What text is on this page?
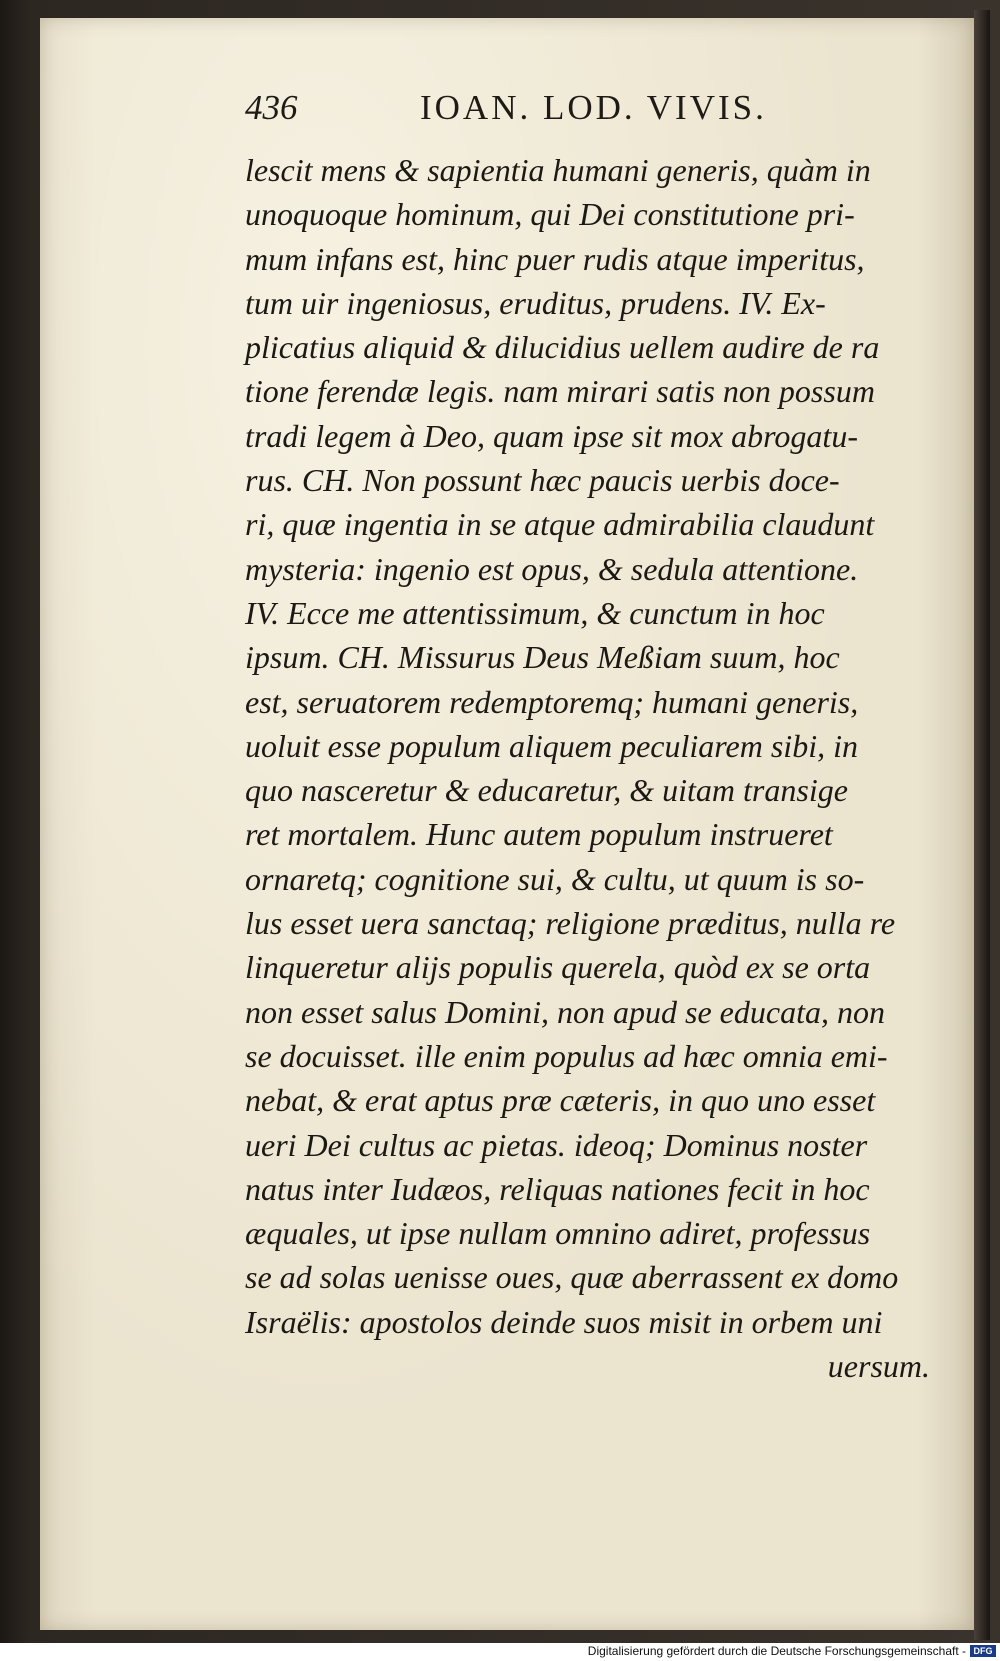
436	IOAN. LOD. VIVIS.
lescit mens & sapientia humani generis, quàm in
unoquoque hominum, qui Dei constitutione pri-
mum infans est, hinc puer rudis atque imperitus,
tum uir ingeniosus, eruditus, prudens. IV. Ex-
plicatius aliquid & dilucidius uellem audire de ra
tione ferendæ legis. nam mirari satis non possum
tradi legem à Deo, quam ipse sit mox abrogatu-
rus. CH. Non possunt hæc paucis uerbis doce-
ri, quæ ingentia in se atque admirabilia claudunt
mysteria: ingenio est opus, & sedula attentione.
IV. Ecce me attentissimum, & cunctum in hoc
ipsum. CH. Missurus Deus Meßiam suum, hoc
est, seruatorem redemptoremq; humani generis,
uoluit esse populum aliquem peculiarem sibi, in
quo nasceretur & educaretur, & uitam transige
ret mortalem. Hunc autem populum instrueret
ornaretq; cognitione sui, & cultu, ut quum is so-
lus esset uera sanctaq; religione præditus, nulla re
linqueretur alijs populis querela, quòd ex se orta
non esset salus Domini, non apud se educata, non
se docuisset. ille enim populus ad hæc omnia emi-
nebat, & erat aptus præ cæteris, in quo uno esset
ueri Dei cultus ac pietas. ideoq; Dominus noster
natus inter Iudæos, reliquas nationes fecit in hoc
æquales, ut ipse nullam omnino adiret, professus
se ad solas uenisse oues, quæ aberrassent ex domo
Israëlis: apostolos deinde suos misit in orbem uni
uersum.
Digitalisierung gefördert durch die Deutsche Forschungsgemeinschaft - DFG
